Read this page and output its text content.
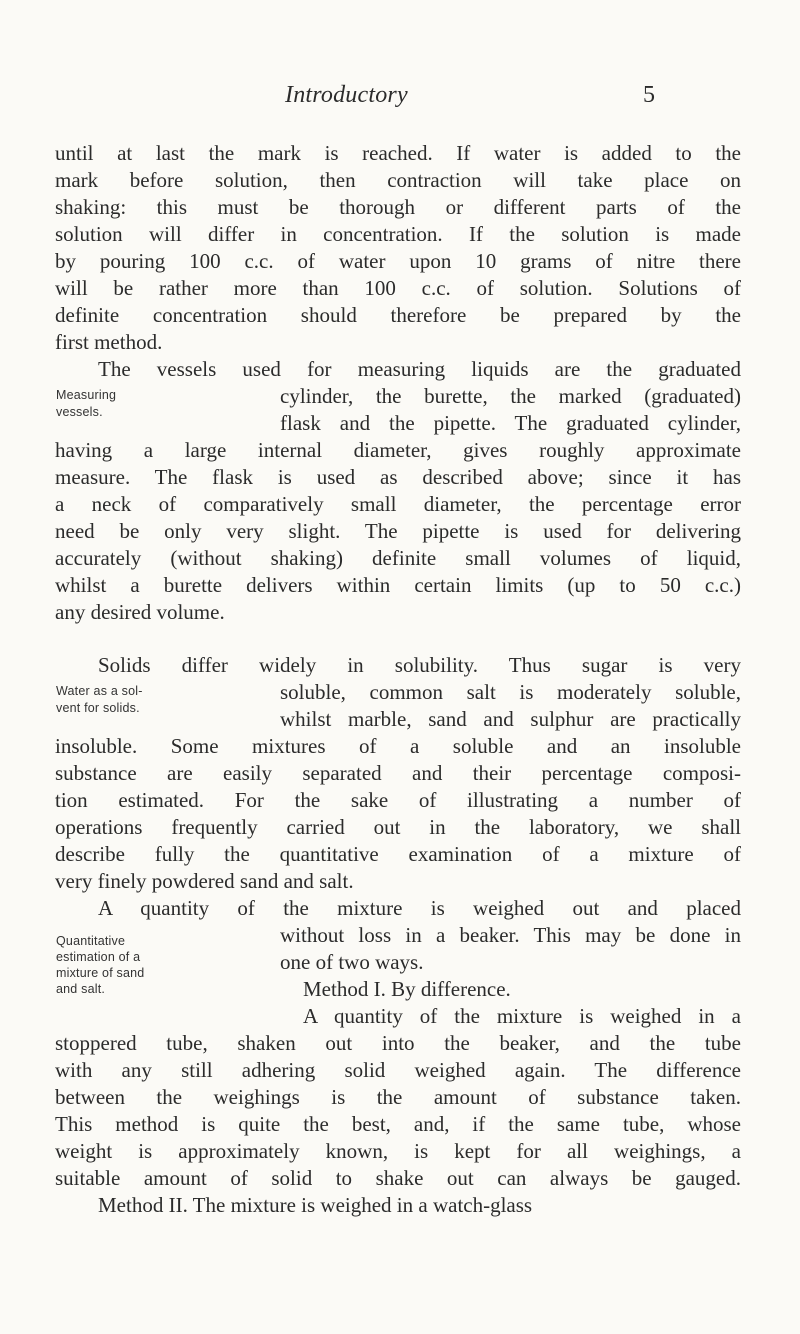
Introductory	5
until at last the mark is reached. If water is added to the
mark before solution, then contraction will take place on
shaking: this must be thorough or different parts of the
solution will differ in concentration. If the solution is made
by pouring 100 c.c. of water upon 10 grams of nitre there
will be rather more than 100 c.c. of solution. Solutions of
definite concentration should therefore be prepared by the
first method.
The vessels used for measuring liquids are the graduated
cylinder, the burette, the marked (graduated)
flask and the pipette. The graduated cylinder,
having a large internal diameter, gives roughly approximate
measure. The flask is used as described above; since it has
a neck of comparatively small diameter, the percentage error
need be only very slight. The pipette is used for delivering
accurately (without shaking) definite small volumes of liquid,
whilst a burette delivers within certain limits (up to 50 c.c.)
any desired volume.
Solids differ widely in solubility. Thus sugar is very
soluble, common salt is moderately soluble,
whilst marble, sand and sulphur are practically
insoluble. Some mixtures of a soluble and an insoluble
substance are easily separated and their percentage composi-
tion estimated. For the sake of illustrating a number of
operations frequently carried out in the laboratory, we shall
describe fully the quantitative examination of a mixture of
very finely powdered sand and salt.
A quantity of the mixture is weighed out and placed
without loss in a beaker. This may be done in
one of two ways.
Method I. By difference.
A quantity of the mixture is weighed in a
stoppered tube, shaken out into the beaker, and the tube
with any still adhering solid weighed again. The difference
between the weighings is the amount of substance taken.
This method is quite the best, and, if the same tube, whose
weight is approximately known, is kept for all weighings, a
suitable amount of solid to shake out can always be gauged.
Method II. The mixture is weighed in a watch-glass
Measuring
vessels.
Water as a sol-
vent for solids.
Quantitative
estimation of a
mixture of sand
and salt.
